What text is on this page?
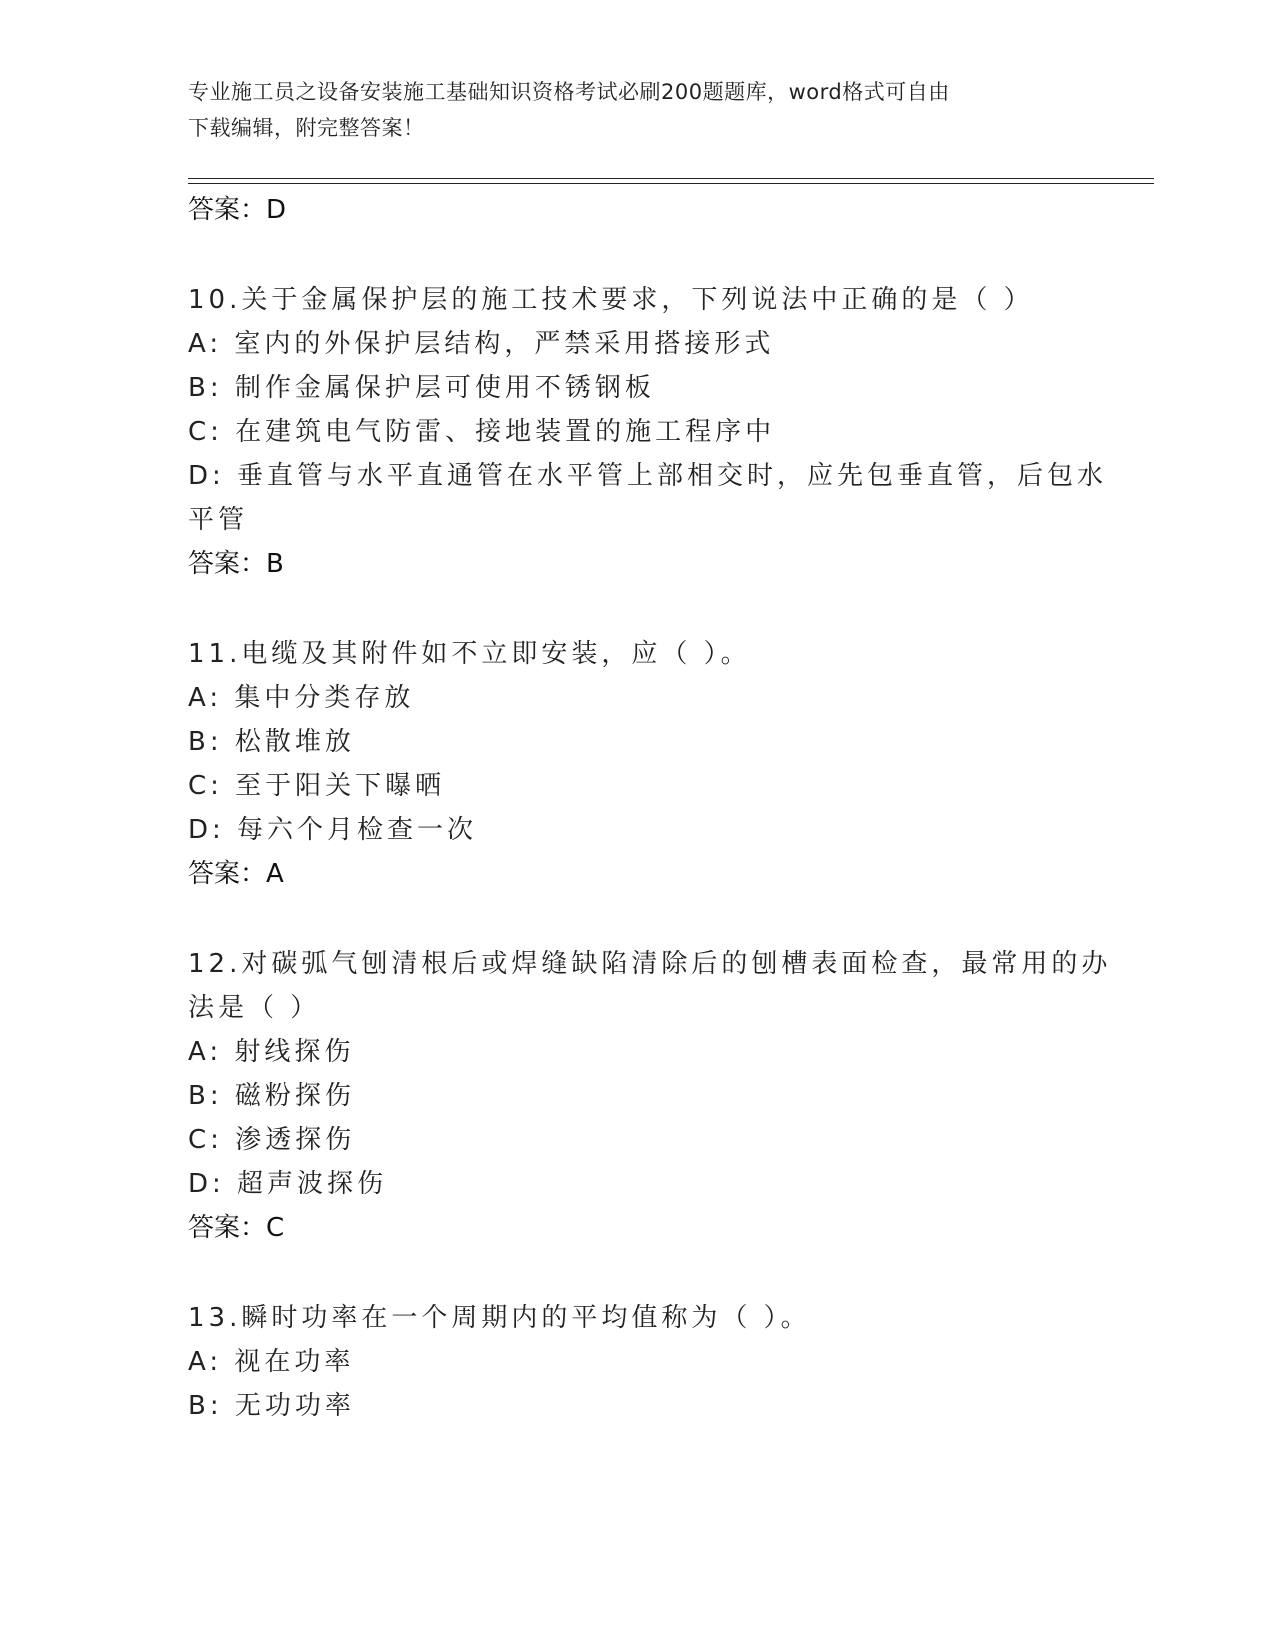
专业施工员之设备安装施工基础知识资格考试必刷200题题库，word格式可自由
下载编辑，附完整答案！
答案：D
10.关于金属保护层的施工技术要求，下列说法中正确的是（ ）
A: 室内的外保护层结构，严禁采用搭接形式
B: 制作金属保护层可使用不锈钢板
C: 在建筑电气防雷、接地装置的施工程序中
D: 垂直管与水平直通管在水平管上部相交时，应先包垂直管，后包水
平管
答案：B
11.电缆及其附件如不立即安装，应（ ）。
A: 集中分类存放
B: 松散堆放
C: 至于阳关下曝晒
D: 每六个月检查一次
答案：A
12.对碳弧气刨清根后或焊缝缺陷清除后的刨槽表面检查，最常用的办
法是（ ）
A: 射线探伤
B: 磁粉探伤
C: 渗透探伤
D: 超声波探伤
答案：C
13.瞬时功率在一个周期内的平均值称为（ ）。
A: 视在功率
B: 无功功率
